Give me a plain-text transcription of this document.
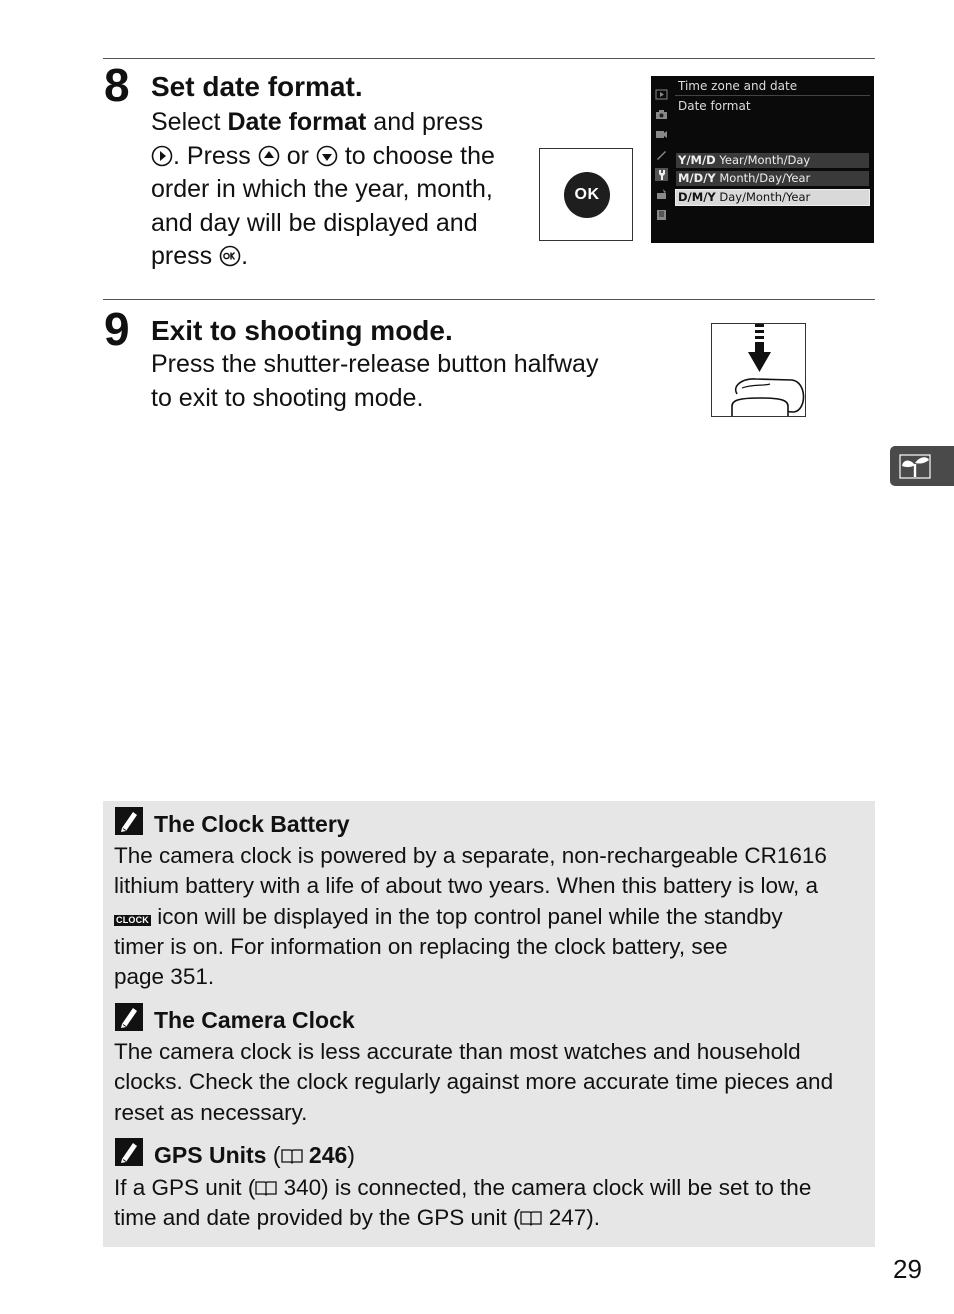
8 Set date format.
Select Date format and press
. Press  or  to choose the
order in which the year, month,
and day will be displayed and
press .
OK
Time zone and date
Date format
Y/M/D Year/Month/Day
M/D/Y Month/Day/Year
D/M/Y Day/Month/Year
9 Exit to shooting mode.
Press the shutter-release button halfway
to exit to shooting mode.
The Clock Battery
The camera clock is powered by a separate, non-rechargeable CR1616
lithium battery with a life of about two years. When this battery is low, a
CLOCK icon will be displayed in the top control panel while the standby
timer is on. For information on replacing the clock battery, see
page 351.
The Camera Clock
The camera clock is less accurate than most watches and household
clocks. Check the clock regularly against more accurate time pieces and
reset as necessary.
GPS Units ( 246)
If a GPS unit ( 340) is connected, the camera clock will be set to the
time and date provided by the GPS unit ( 247).
29
